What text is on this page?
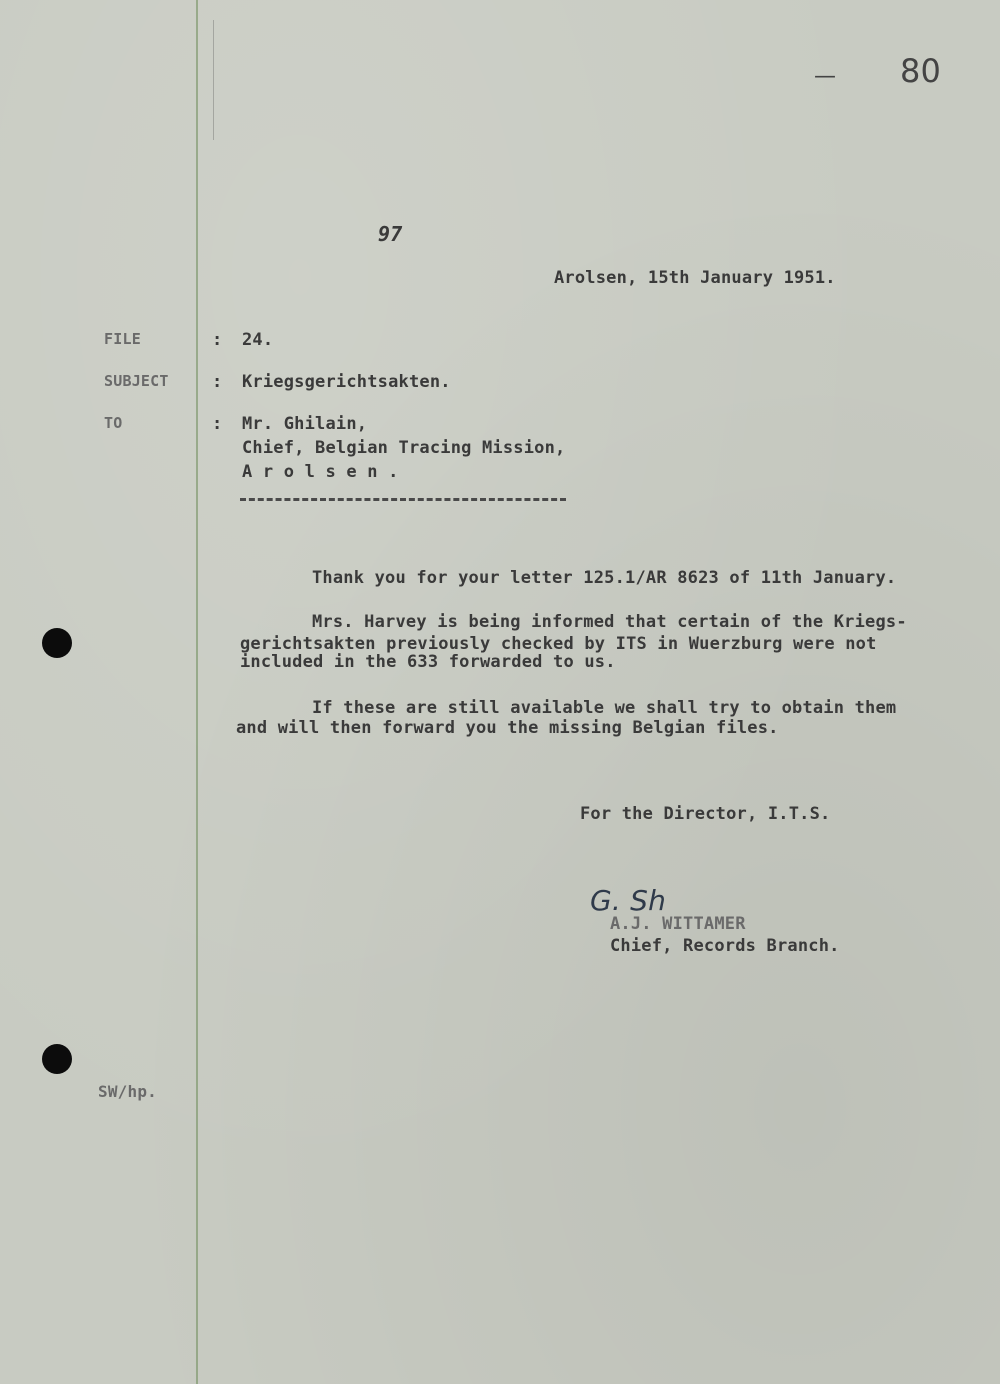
— 80
97
Arolsen, 15th January 1951.
FILE	: 24.
SUBJECT	: Kriegsgerichtsakten.
TO	: Mr. Ghilain,
Chief, Belgian Tracing Mission,
A r o l s e n .
Thank you for your letter 125.1/AR 8623 of 11th January.
Mrs. Harvey is being informed that certain of the Kriegs-
gerichtsakten previously checked by ITS in Wuerzburg were not
included in the 633 forwarded to us.
If these are still available we shall try to obtain them
and will then forward you the missing Belgian files.
For the Director, I.T.S.
G. Sh
A.J. WITTAMER
Chief, Records Branch.
SW/hp.
